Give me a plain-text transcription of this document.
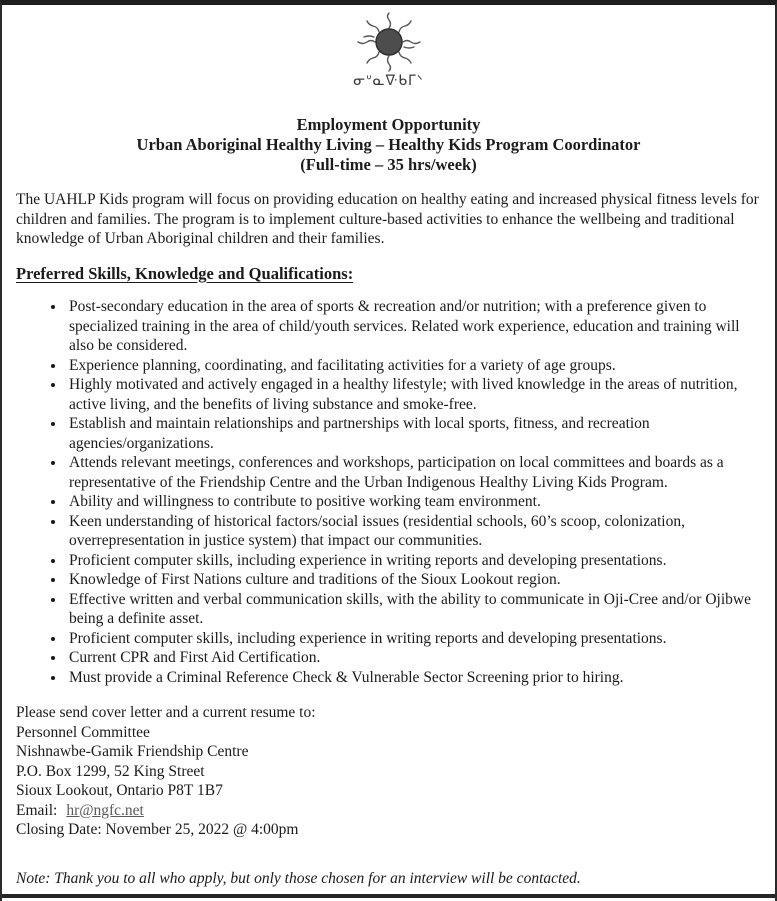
ᓂᐡᓇᐍᑲᒥᐠ
Employment Opportunity
Urban Aboriginal Healthy Living – Healthy Kids Program Coordinator
(Full-time – 35 hrs/week)

The UAHLP Kids program will focus on providing education on healthy eating and increased physical fitness levels for children and families. The program is to implement culture-based activities to enhance the wellbeing and traditional knowledge of Urban Aboriginal children and their families.

Preferred Skills, Knowledge and Qualifications:
• Post-secondary education in the area of sports & recreation and/or nutrition; with a preference given to specialized training in the area of child/youth services. Related work experience, education and training will also be considered.
• Experience planning, coordinating, and facilitating activities for a variety of age groups.
• Highly motivated and actively engaged in a healthy lifestyle; with lived knowledge in the areas of nutrition, active living, and the benefits of living substance and smoke-free.
• Establish and maintain relationships and partnerships with local sports, fitness, and recreation agencies/organizations.
• Attends relevant meetings, conferences and workshops, participation on local committees and boards as a representative of the Friendship Centre and the Urban Indigenous Healthy Living Kids Program.
• Ability and willingness to contribute to positive working team environment.
• Keen understanding of historical factors/social issues (residential schools, 60’s scoop, colonization, overrepresentation in justice system) that impact our communities.
• Proficient computer skills, including experience in writing reports and developing presentations.
• Knowledge of First Nations culture and traditions of the Sioux Lookout region.
• Effective written and verbal communication skills, with the ability to communicate in Oji-Cree and/or Ojibwe being a definite asset.
• Proficient computer skills, including experience in writing reports and developing presentations.
• Current CPR and First Aid Certification.
• Must provide a Criminal Reference Check & Vulnerable Sector Screening prior to hiring.
Please send cover letter and a current resume to:
Personnel Committee
Nishnawbe-Gamik Friendship Centre
P.O. Box 1299, 52 King Street
Sioux Lookout, Ontario P8T 1B7
Email: hr@ngfc.net
Closing Date: November 25, 2022 @ 4:00pm
Note: Thank you to all who apply, but only those chosen for an interview will be contacted.
